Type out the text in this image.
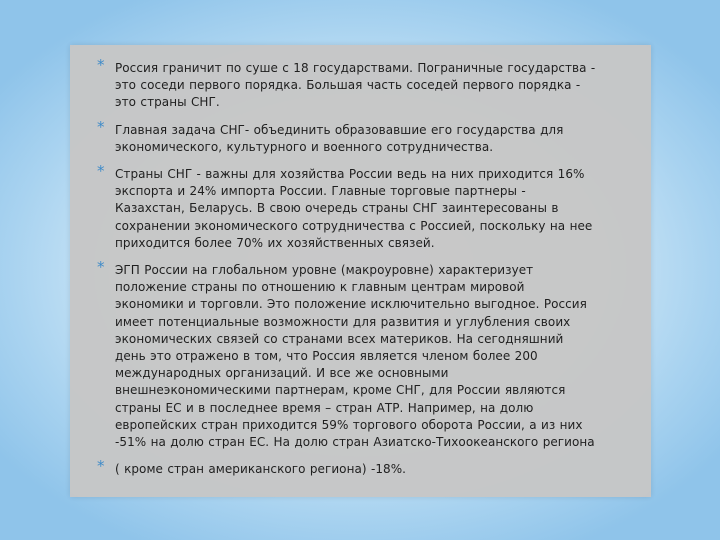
* Россия граничит по суше с 18 государствами. Пограничные государства - это соседи первого порядка. Большая часть соседей первого порядка - это страны СНГ.
* Главная задача СНГ- объединить образовавшие его государства для экономического, культурного и военного сотрудничества.
* Страны СНГ - важны для хозяйства России ведь на них приходится 16% экспорта и 24% импорта России. Главные торговые партнеры - Казахстан, Беларусь. В свою очередь страны СНГ заинтересованы в сохранении экономического сотрудничества с Россией, поскольку на нее приходится более 70% их хозяйственных связей.
* ЭГП России на глобальном уровне (макроуровне) характеризует положение страны по отношению к главным центрам мировой экономики и торговли. Это положение исключительно выгодное. Россия имеет потенциальные возможности для развития и углубления своих экономических связей со странами всех материков. На сегодняшний день это отражено в том, что Россия является членом более 200 международных организаций. И все же основными внешнеэкономическими партнерам, кроме СНГ, для России являются страны ЕС и в последнее время – стран АТР. Например, на долю европейских стран приходится 59% торгового оборота России, а из них -51% на долю стран ЕС. На долю стран Азиатско-Тихоокеанского региона
* ( кроме стран американского региона) -18%.
